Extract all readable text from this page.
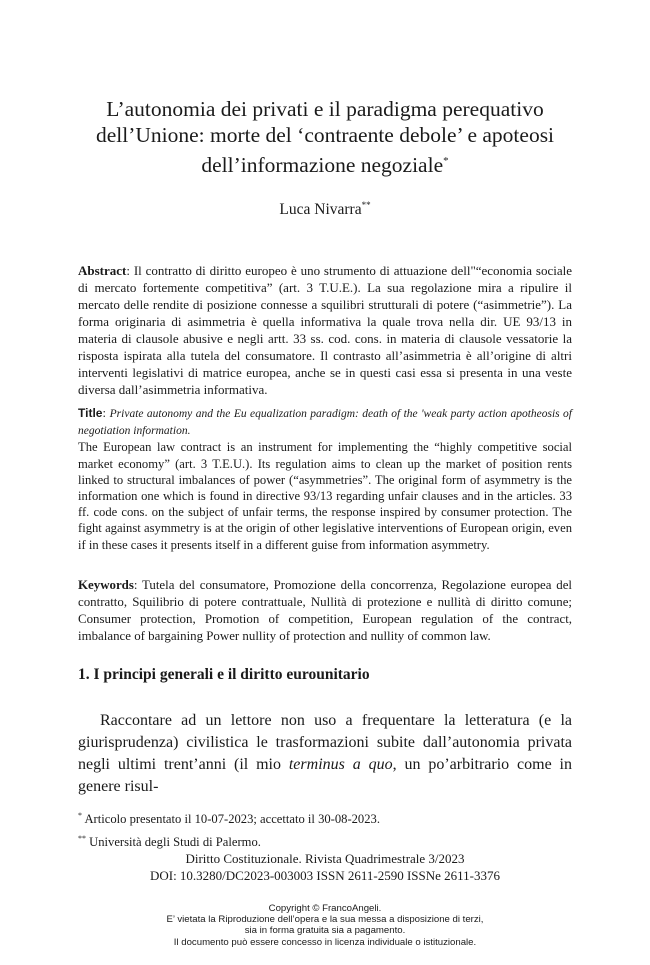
L’autonomia dei privati e il paradigma perequativo
dell’Unione: morte del ‘contraente debole’ e apoteosi
dell’informazione negoziale*
Luca Nivarra**
Abstract: Il contratto di diritto europeo è uno strumento di attuazione dell"“economia sociale di mercato fortemente competitiva” (art. 3 T.U.E.). La sua regolazione mira a ripulire il mercato delle rendite di posizione connesse a squilibri strutturali di potere (“asimmetrie”). La forma originaria di asimmetria è quella informativa la quale trova nella dir. UE 93/13 in materia di clausole abusive e negli artt. 33 ss. cod. cons. in materia di clausole vessatorie la risposta ispirata alla tutela del consumatore. Il contrasto all’asimmetria è all’origine di altri interventi legislativi di matrice europea, anche se in questi casi essa si presenta in una veste diversa dall’asimmetria informativa.
Title: Private autonomy and the Eu equalization paradigm: death of the 'weak party action apotheosis of negotiation information.
The European law contract is an instrument for implementing the “highly competitive social market economy” (art. 3 T.E.U.). Its regulation aims to clean up the market of position rents linked to structural imbalances of power (“asymmetries”. The original form of asymmetry is the information one which is found in directive 93/13 regarding unfair clauses and in the articles. 33 ff. code cons. on the subject of unfair terms, the response inspired by consumer protection. The fight against asymmetry is at the origin of other legislative interventions of European origin, even if in these cases it presents itself in a different guise from information asymmetry.
Keywords: Tutela del consumatore, Promozione della concorrenza, Regolazione europea del contratto, Squilibrio di potere contrattuale, Nullità di protezione e nullità di diritto comune; Consumer protection, Promotion of competition, European regulation of the contract, imbalance of bargaining Power nullity of protection and nullity of common law.
1. I principi generali e il diritto eurounitario
Raccontare ad un lettore non uso a frequentare la letteratura (e la giurisprudenza) civilistica le trasformazioni subite dall’autonomia privata negli ultimi trent’anni (il mio terminus a quo, un po’arbitrario come in genere risul-
* Articolo presentato il 10-07-2023; accettato il 30-08-2023.
** Università degli Studi di Palermo.
Diritto Costituzionale. Rivista Quadrimestrale 3/2023
DOI: 10.3280/DC2023-003003 ISSN 2611-2590 ISSNe 2611-3376
Copyright © FrancoAngeli.
E’ vietata la Riproduzione dell’opera e la sua messa a disposizione di terzi,
sia in forma gratuita sia a pagamento.
Il documento può essere concesso in licenza individuale o istituzionale.
